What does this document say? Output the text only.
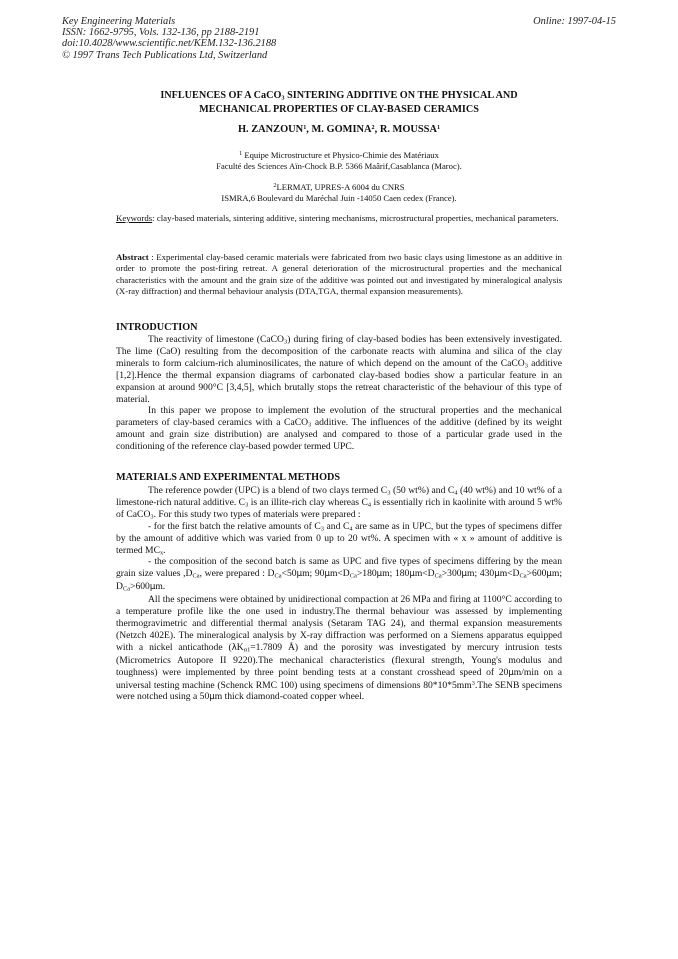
Key Engineering Materials
ISSN: 1662-9795, Vols. 132-136, pp 2188-2191
doi:10.4028/www.scientific.net/KEM.132-136.2188
© 1997 Trans Tech Publications Ltd, Switzerland
Online: 1997-04-15
INFLUENCES OF A CaCO$_3$ SINTERING ADDITIVE ON THE PHYSICAL AND
MECHANICAL PROPERTIES OF CLAY-BASED CERAMICS
H. ZANZOUN$^1$, M. GOMINA$^2$, R. MOUSSA$^1$
$^1$ Equipe Microstructure et Physico-Chimie des Matériaux
Faculté des Sciences Aïn-Chock B.P. 5366 Maârif,Casablanca (Maroc).
$^2$LERMAT, UPRES-A 6004 du CNRS
ISMRA,6 Boulevard du Maréchal Juin -14050 Caen cedex (France).
Keywords: clay-based materials, sintering additive, sintering mechanisms, microstructural properties, mechanical parameters.
Abstract : Experimental clay-based ceramic materials were fabricated from two basic clays using limestone as an additive in order to promote the post-firing retreat. A general deterioration of the microstructural properties and the mechanical characteristics with the amount and the grain size of the additive was pointed out and investigated by mineralogical analysis (X-ray diffraction) and thermal behaviour analysis (DTA,TGA, thermal expansion measurements).
INTRODUCTION

The reactivity of limestone (CaCO$_3$) during firing of clay-based bodies has been extensively investigated. The lime (CaO) resulting from the decomposition of the carbonate reacts with alumina and silica of the clay minerals to form calcium-rich aluminosilicates, the nature of which depend on the amount of the CaCO$_3$ additive [1,2].Hence the thermal expansion diagrams of carbonated clay-based bodies show a particular feature in an expansion at around 900°C [3,4,5], which brutally stops the retreat characteristic of the behaviour of this type of material.

In this paper we propose to implement the evolution of the structural properties and the mechanical parameters of clay-based ceramics with a CaCO$_3$ additive. The influences of the additive (defined by its weight amount and grain size distribution) are analysed and compared to those of a particular grade used in the conditioning of the reference clay-based powder termed UPC.

MATERIALS AND EXPERIMENTAL METHODS

The reference powder (UPC) is a blend of two clays termed $C_3$ (50 wt%) and $C_4$ (40 wt%) and 10 wt% of a limestone-rich natural additive. $C_3$ is an illite-rich clay whereas $C_4$ is essentially rich in kaolinite with around 5 wt% of CaCO$_3$. For this study two types of materials were prepared :

- for the first batch the relative amounts of $C_3$ and $C_4$ are same as in UPC, but the types of specimens differ by the amount of additive which was varied from 0 up to 20 wt%. A specimen with « x » amount of additive is termed $MC_x$.

- the composition of the second batch is same as UPC and five types of specimens differing by the mean grain size values $,D_{Ca}$, were prepared : $D_{Ca}<50\mu m$; $90\mu m<D_{Ca}>180\mu m$; $180\mu m<D_{Ca}>300\mu m$; $430\mu m<D_{Ca}>600\mu m$; $D_{Ca}>600\mu m$.

All the specimens were obtained by unidirectional compaction at 26 MPa and firing at 1100°C according to a temperature profile like the one used in industry.The thermal behaviour was assessed by implementing thermogravimetric and differential thermal analysis (Setaram TAG 24), and thermal expansion measurements (Netzch 402E). The mineralogical analysis by X-ray diffraction was performed on a Siemens apparatus equipped with a nickel anticathode ($\lambda K_{\alpha 1}=1.7809$ Å) and the porosity was investigated by mercury intrusion tests (Micrometrics Autopore II 9220).The mechanical characteristics (flexural strength, Young's modulus and toughness) were implemented by three point bending tests at a constant crosshead speed of 20μm/min on a universal testing machine (Schenck RMC 100) using specimens of dimensions $80*10*5mm^3.The$ SENB specimens were notched using a 50μm thick diamond-coated copper wheel.
